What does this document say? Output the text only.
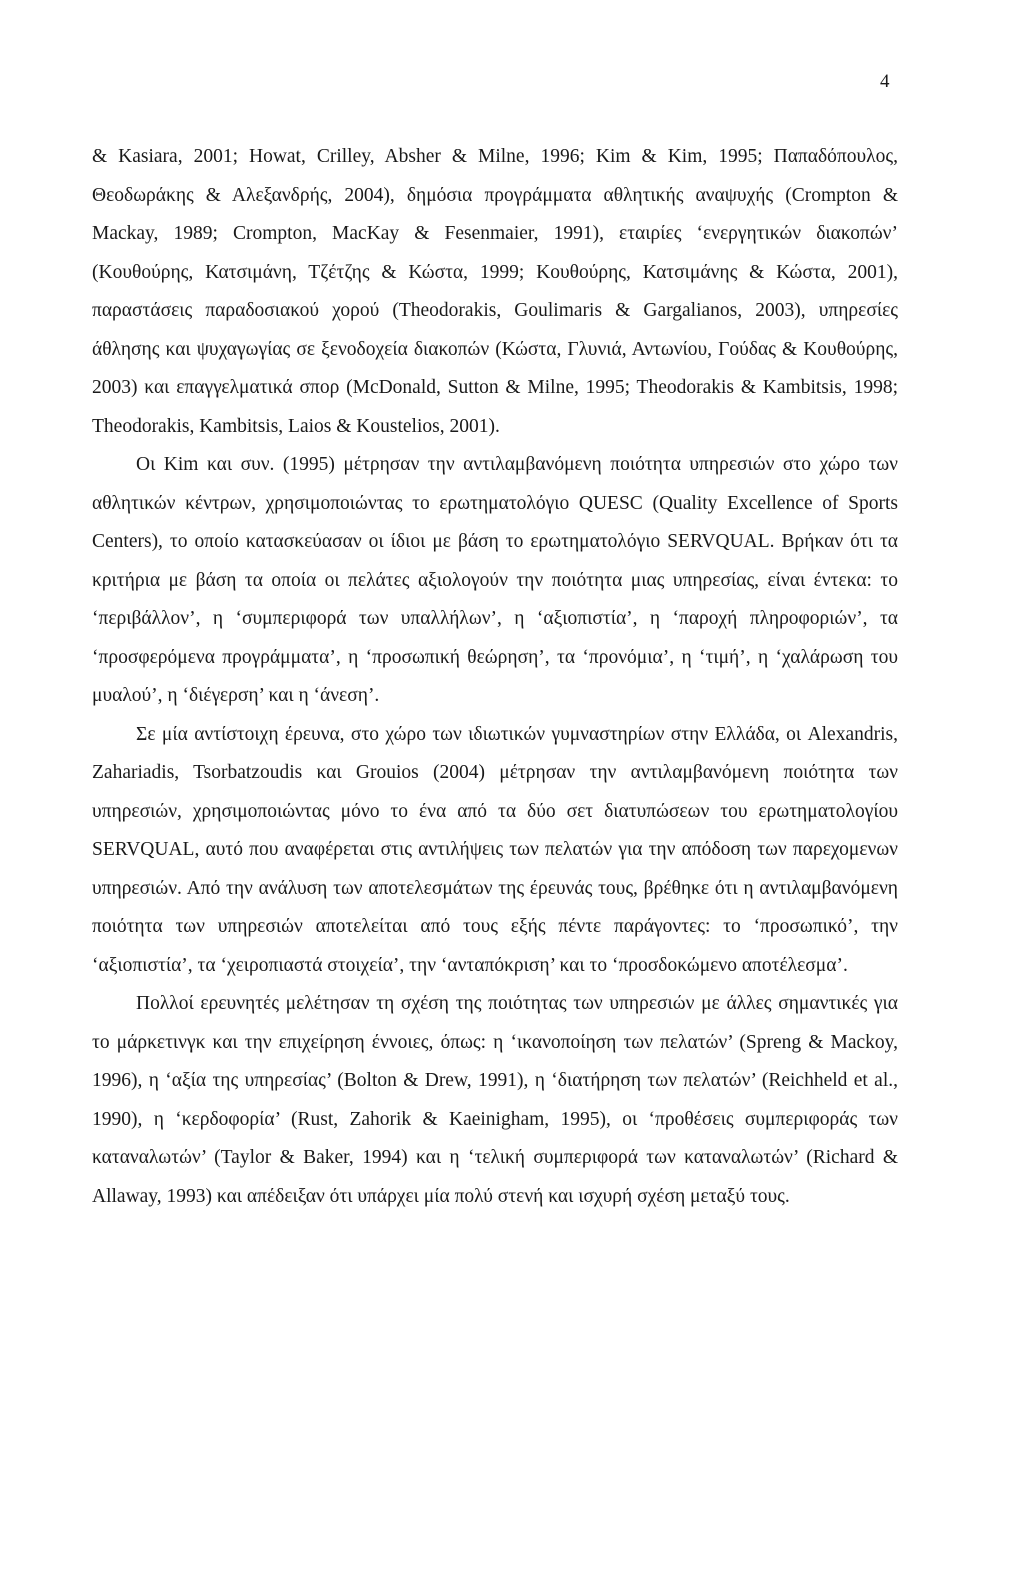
4

& Kasiara, 2001; Howat, Crilley, Absher & Milne, 1996; Kim & Kim, 1995; Παπαδόπουλος, Θεοδωράκης & Αλεξανδρής, 2004), δημόσια προγράμματα αθλητικής αναψυχής (Crompton & Mackay, 1989; Crompton, MacKay & Fesenmaier, 1991), εταιρίες ‘ενεργητικών διακοπών’ (Κουθούρης, Κατσιμάνη, Τζέτζης & Κώστα, 1999; Κουθούρης, Κατσιμάνης & Κώστα, 2001), παραστάσεις παραδοσιακού χορού (Theodorakis, Goulimaris & Gargalianos, 2003), υπηρεσίες άθλησης και ψυχαγωγίας σε ξενοδοχεία διακοπών (Κώστα, Γλυνιά, Αντωνίου, Γούδας & Κουθούρης, 2003) και επαγγελματικά σπορ (McDonald, Sutton & Milne, 1995; Theodorakis & Kambitsis, 1998; Theodorakis, Kambitsis, Laios & Koustelios, 2001).

Οι Kim και συν. (1995) μέτρησαν την αντιλαμβανόμενη ποιότητα υπηρεσιών στο χώρο των αθλητικών κέντρων, χρησιμοποιώντας το ερωτηματολόγιο QUESC (Quality Excellence of Sports Centers), το οποίο κατασκεύασαν οι ίδιοι με βάση το ερωτηματολόγιο SERVQUAL. Βρήκαν ότι τα κριτήρια με βάση τα οποία οι πελάτες αξιολογούν την ποιότητα μιας υπηρεσίας, είναι έντεκα: το ‘περιβάλλον’, η ‘συμπεριφορά των υπαλλήλων’, η ‘αξιοπιστία’, η ‘παροχή πληροφοριών’, τα ‘προσφερόμενα προγράμματα’, η ‘προσωπική θεώρηση’, τα ‘προνόμια’, η ‘τιμή’, η ‘χαλάρωση του μυαλού’, η ‘διέγερση’ και η ‘άνεση’.

Σε μία αντίστοιχη έρευνα, στο χώρο των ιδιωτικών γυμναστηρίων στην Ελλάδα, οι Alexandris, Zahariadis, Tsorbatzoudis και Grouios (2004) μέτρησαν την αντιλαμβανόμενη ποιότητα των υπηρεσιών, χρησιμοποιώντας μόνο το ένα από τα δύο σετ διατυπώσεων του ερωτηματολογίου SERVQUAL, αυτό που αναφέρεται στις αντιλήψεις των πελατών για την απόδοση των παρεχομενων υπηρεσιών. Από την ανάλυση των αποτελεσμάτων της έρευνάς τους, βρέθηκε ότι η αντιλαμβανόμενη ποιότητα των υπηρεσιών αποτελείται από τους εξής πέντε παράγοντες: το ‘προσωπικό’, την ‘αξιοπιστία’, τα ‘χειροπιαστά στοιχεία’, την ‘ανταπόκριση’ και το ‘προσδοκώμενο αποτέλεσμα’.

Πολλοί ερευνητές μελέτησαν τη σχέση της ποιότητας των υπηρεσιών με άλλες σημαντικές για το μάρκετινγκ και την επιχείρηση έννοιες, όπως: η ‘ικανοποίηση των πελατών’ (Spreng & Mackoy, 1996), η ‘αξία της υπηρεσίας’ (Bolton & Drew, 1991), η ‘διατήρηση των πελατών’ (Reichheld et al., 1990), η ‘κερδοφορία’ (Rust, Zahorik & Kaeinigham, 1995), οι ‘προθέσεις συμπεριφοράς των καταναλωτών’ (Taylor & Baker, 1994) και η ‘τελική συμπεριφορά των καταναλωτών’ (Richard & Allaway, 1993) και απέδειξαν ότι υπάρχει μία πολύ στενή και ισχυρή σχέση μεταξύ τους.
